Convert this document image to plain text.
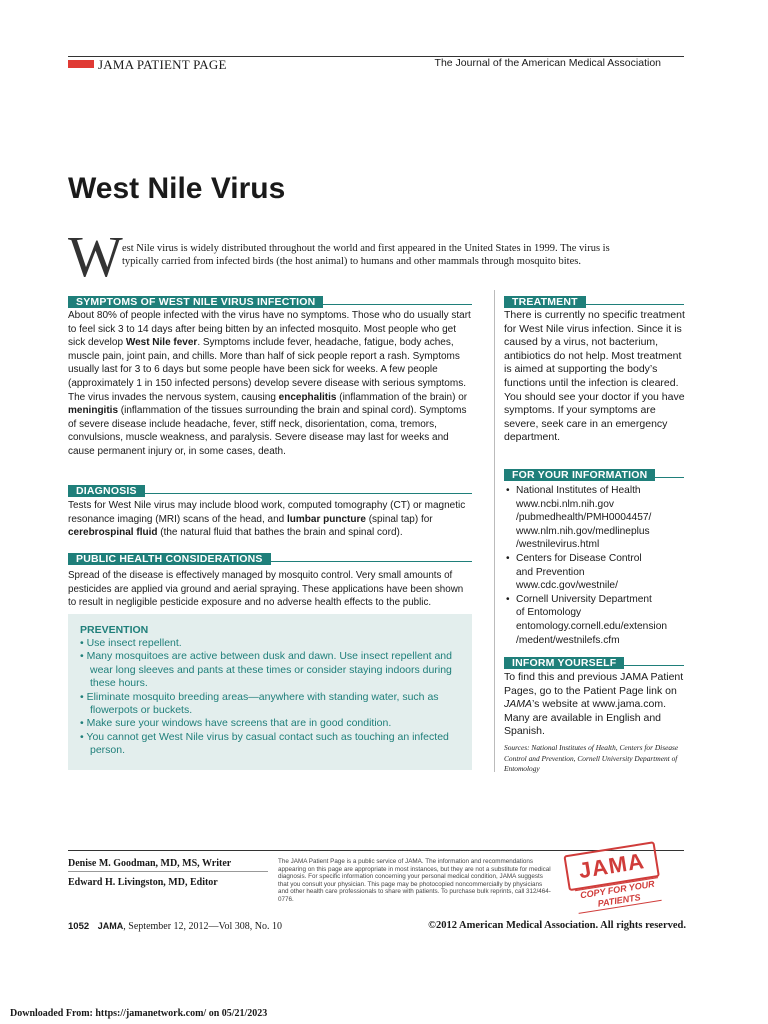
JAMA PATIENT PAGE	The Journal of the American Medical Association
West Nile Virus
W est Nile virus is widely distributed throughout the world and first appeared in the United States in 1999. The virus is typically carried from infected birds (the host animal) to humans and other mammals through mosquito bites.
SYMPTOMS OF WEST NILE VIRUS INFECTION
About 80% of people infected with the virus have no symptoms. Those who do usually start to feel sick 3 to 14 days after being bitten by an infected mosquito. Most people who get sick develop West Nile fever. Symptoms include fever, headache, fatigue, body aches, muscle pain, joint pain, and chills. More than half of sick people report a rash. Symptoms usually last for 3 to 6 days but some people have been sick for weeks. A few people (approximately 1 in 150 infected persons) develop severe disease with serious symptoms. The virus invades the nervous system, causing encephalitis (inflammation of the brain) or meningitis (inflammation of the tissues surrounding the brain and spinal cord). Symptoms of severe disease include headache, fever, stiff neck, disorientation, coma, tremors, convulsions, muscle weakness, and paralysis. Severe disease may last for weeks and cause permanent injury or, in some cases, death.
DIAGNOSIS
Tests for West Nile virus may include blood work, computed tomography (CT) or magnetic resonance imaging (MRI) scans of the head, and lumbar puncture (spinal tap) for cerebrospinal fluid (the natural fluid that bathes the brain and spinal cord).
PUBLIC HEALTH CONSIDERATIONS
Spread of the disease is effectively managed by mosquito control. Very small amounts of pesticides are applied via ground and aerial spraying. These applications have been shown to result in negligible pesticide exposure and no adverse health effects to the public.
PREVENTION
• Use insect repellent.
• Many mosquitoes are active between dusk and dawn. Use insect repellent and wear long sleeves and pants at these times or consider staying indoors during these hours.
• Eliminate mosquito breeding areas—anywhere with standing water, such as flowerpots or buckets.
• Make sure your windows have screens that are in good condition.
• You cannot get West Nile virus by casual contact such as touching an infected person.
TREATMENT
There is currently no specific treatment for West Nile virus infection. Since it is caused by a virus, not bacterium, antibiotics do not help. Most treatment is aimed at supporting the body’s functions until the infection is cleared. You should see your doctor if you have symptoms. If your symptoms are severe, seek care in an emergency department.
FOR YOUR INFORMATION
• National Institutes of Health
www.ncbi.nlm.nih.gov
/pubmedhealth/PMH0004457/
www.nlm.nih.gov/medlineplus
/westnilevirus.html
• Centers for Disease Control
and Prevention
www.cdc.gov/westnile/
• Cornell University Department
of Entomology
entomology.cornell.edu/extension
/medent/westnilefs.cfm
INFORM YOURSELF
To find this and previous JAMA Patient Pages, go to the Patient Page link on JAMA’s website at www.jama.com. Many are available in English and Spanish.
Sources: National Institutes of Health, Centers for Disease Control and Prevention, Cornell University Department of Entomology
Denise M. Goodman, MD, MS, Writer
Edward H. Livingston, MD, Editor
The JAMA Patient Page is a public service of JAMA. The information and recommendations appearing on this page are appropriate in most instances, but they are not a substitute for medical diagnosis. For specific information concerning your personal medical condition, JAMA suggests that you consult your physician. This page may be photocopied noncommercially by physicians and other health care professionals to share with patients. To purchase bulk reprints, call 312/464-0776.
JAMA
COPY FOR YOUR PATIENTS
1052 JAMA, September 12, 2012—Vol 308, No. 10	©2012 American Medical Association. All rights reserved.
Downloaded From: https://jamanetwork.com/ on 05/21/2023
